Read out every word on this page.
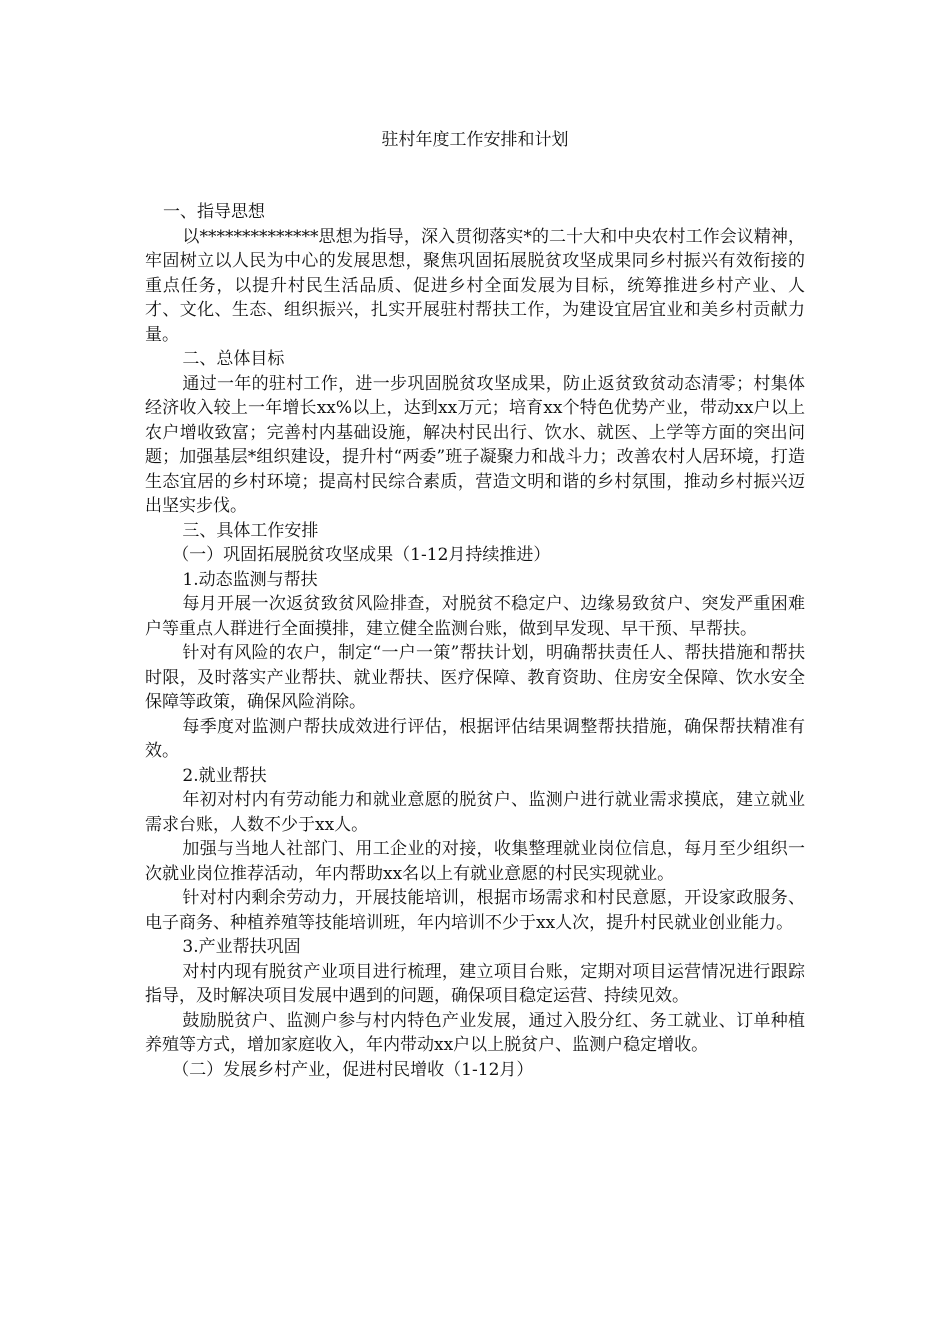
驻村年度工作安排和计划

一、指导思想

以**************思想为指导，深入贯彻落实*的二十大和中央农村工作会议精神，牢固树立以人民为中心的发展思想，聚焦巩固拓展脱贫攻坚成果同乡村振兴有效衔接的重点任务，以提升村民生活品质、促进乡村全面发展为目标，统筹推进乡村产业、人才、文化、生态、组织振兴，扎实开展驻村帮扶工作，为建设宜居宜业和美乡村贡献力量。

二、总体目标

通过一年的驻村工作，进一步巩固脱贫攻坚成果，防止返贫致贫动态清零；村集体经济收入较上一年增长xx%以上，达到xx万元；培育xx个特色优势产业，带动xx户以上农户增收致富；完善村内基础设施，解决村民出行、饮水、就医、上学等方面的突出问题；加强基层*组织建设，提升村“两委”班子凝聚力和战斗力；改善农村人居环境，打造生态宜居的乡村环境；提高村民综合素质，营造文明和谐的乡村氛围，推动乡村振兴迈出坚实步伐。

三、具体工作安排

（一）巩固拓展脱贫攻坚成果（1-12月持续推进）

1.动态监测与帮扶

每月开展一次返贫致贫风险排查，对脱贫不稳定户、边缘易致贫户、突发严重困难户等重点人群进行全面摸排，建立健全监测台账，做到早发现、早干预、早帮扶。

针对有风险的农户，制定“一户一策”帮扶计划，明确帮扶责任人、帮扶措施和帮扶时限，及时落实产业帮扶、就业帮扶、医疗保障、教育资助、住房安全保障、饮水安全保障等政策，确保风险消除。

每季度对监测户帮扶成效进行评估，根据评估结果调整帮扶措施，确保帮扶精准有效。

2.就业帮扶

年初对村内有劳动能力和就业意愿的脱贫户、监测户进行就业需求摸底，建立就业需求台账，人数不少于xx人。

加强与当地人社部门、用工企业的对接，收集整理就业岗位信息，每月至少组织一次就业岗位推荐活动，年内帮助xx名以上有就业意愿的村民实现就业。

针对村内剩余劳动力，开展技能培训，根据市场需求和村民意愿，开设家政服务、电子商务、种植养殖等技能培训班，年内培训不少于xx人次，提升村民就业创业能力。

3.产业帮扶巩固

对村内现有脱贫产业项目进行梳理，建立项目台账，定期对项目运营情况进行跟踪指导，及时解决项目发展中遇到的问题，确保项目稳定运营、持续见效。

鼓励脱贫户、监测户参与村内特色产业发展，通过入股分红、务工就业、订单种植养殖等方式，增加家庭收入，年内带动xx户以上脱贫户、监测户稳定增收。

（二）发展乡村产业，促进村民增收（1-12月）
